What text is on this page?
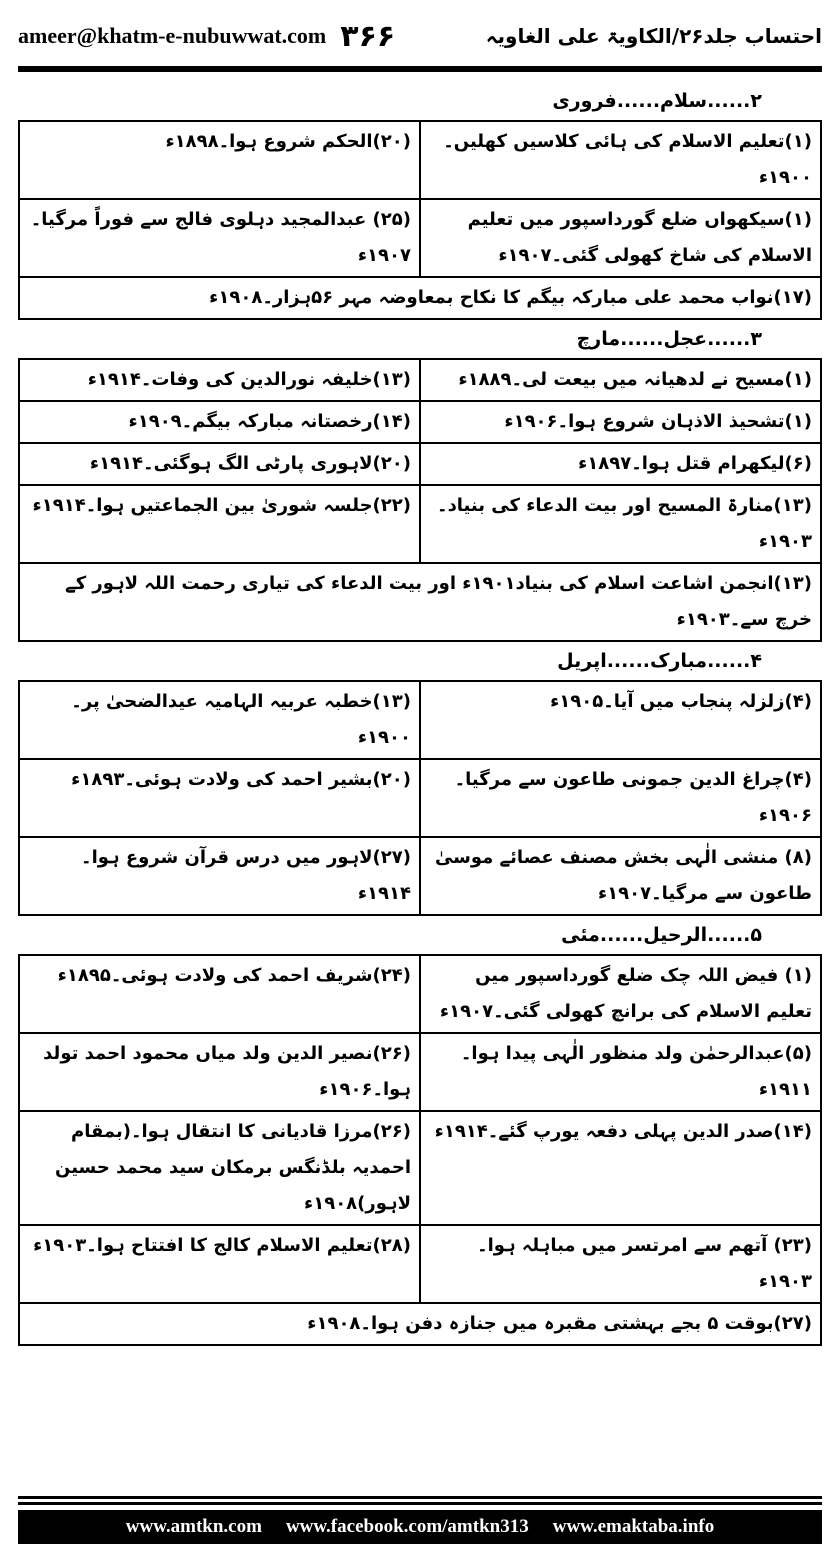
ameer@khatm-e-nubuwwat.com ۳۶۶	احتساب جلد۲۶/الکاویۃ علی الغاویہ
۲......سلام......فروری
(۱)تعلیم الاسلام کی ہائی کلاسیں کھلیں۔۱۹۰۰ء	(۲۰)الحکم شروع ہوا۔۱۸۹۸ء
(۱)سیکھواں ضلع گورداسپور میں تعلیم الاسلام کی شاخ کھولی گئی۔۱۹۰۷ء	(۲۵) عبدالمجید دہلوی فالج سے فوراً مرگیا۔ ۱۹۰۷ء
(۱۷)نواب محمد علی مبارکہ بیگم کا نکاح بمعاوضہ مہر ۵۶ہزار۔۱۹۰۸ء	
۳......عجل......مارچ
(۱)مسیح نے لدھیانہ میں بیعت لی۔۱۸۸۹ء	(۱۳)خلیفہ نورالدین کی وفات۔۱۹۱۴ء
(۱)تشحیذ الاذہان شروع ہوا۔۱۹۰۶ء	(۱۴)رخصتانہ مبارکہ بیگم۔۱۹۰۹ء
(۶)لیکھرام قتل ہوا۔۱۸۹۷ء	(۲۰)لاہوری پارٹی الگ ہوگئی۔۱۹۱۴ء
(۱۳)منارۃ المسیح اور بیت الدعاء کی بنیاد۔۱۹۰۳ء	(۲۲)جلسہ شوریٰ بین الجماعتیں ہوا۔۱۹۱۴ء
(۱۳)انجمن اشاعت اسلام کی بنیاد۱۹۰۱ء اور بیت الدعاء کی تیاری رحمت اللہ لاہور کے خرچ سے۔۱۹۰۳ء	
۴......مبارک......اپریل
(۴)زلزلہ پنجاب میں آیا۔۱۹۰۵ء	(۱۳)خطبہ عربیہ الہامیہ عیدالضحیٰ پر۔۱۹۰۰ء
(۴)چراغ الدین جمونی طاعون سے مرگیا۔۱۹۰۶ء	(۲۰)بشیر احمد کی ولادت ہوئی۔۱۸۹۳ء
(۸) منشی الٰہی بخش مصنف عصائے موسیٰ طاعون سے مرگیا۔۱۹۰۷ء	(۲۷)لاہور میں درس قرآن شروع ہوا۔۱۹۱۴ء
۵......الرحیل......مئی
(۱) فیض اللہ چک ضلع گورداسپور میں تعلیم الاسلام کی برانچ کھولی گئی۔۱۹۰۷ء	(۲۴)شریف احمد کی ولادت ہوئی۔۱۸۹۵ء
(۵)عبدالرحمٰن ولد منظور الٰہی پیدا ہوا۔۱۹۱۱ء	(۲۶)نصیر الدین ولد میاں محمود احمد تولد ہوا۔۱۹۰۶ء
(۱۴)صدر الدین پہلی دفعہ یورپ گئے۔۱۹۱۴ء	(۲۶)مرزا قادیانی کا انتقال ہوا۔(بمقام احمدیہ بلڈنگس برمکان سید محمد حسین لاہور)۱۹۰۸ء
(۲۳) آتھم سے امرتسر میں مباہلہ ہوا۔۱۹۰۳ء	(۲۸)تعلیم الاسلام کالج کا افتتاح ہوا۔۱۹۰۳ء
(۲۷)بوقت ۵ بجے بہشتی مقبرہ میں جنازہ دفن ہوا۔۱۹۰۸ء	
www.amtkn.com www.facebook.com/amtkn313 www.emaktaba.info
